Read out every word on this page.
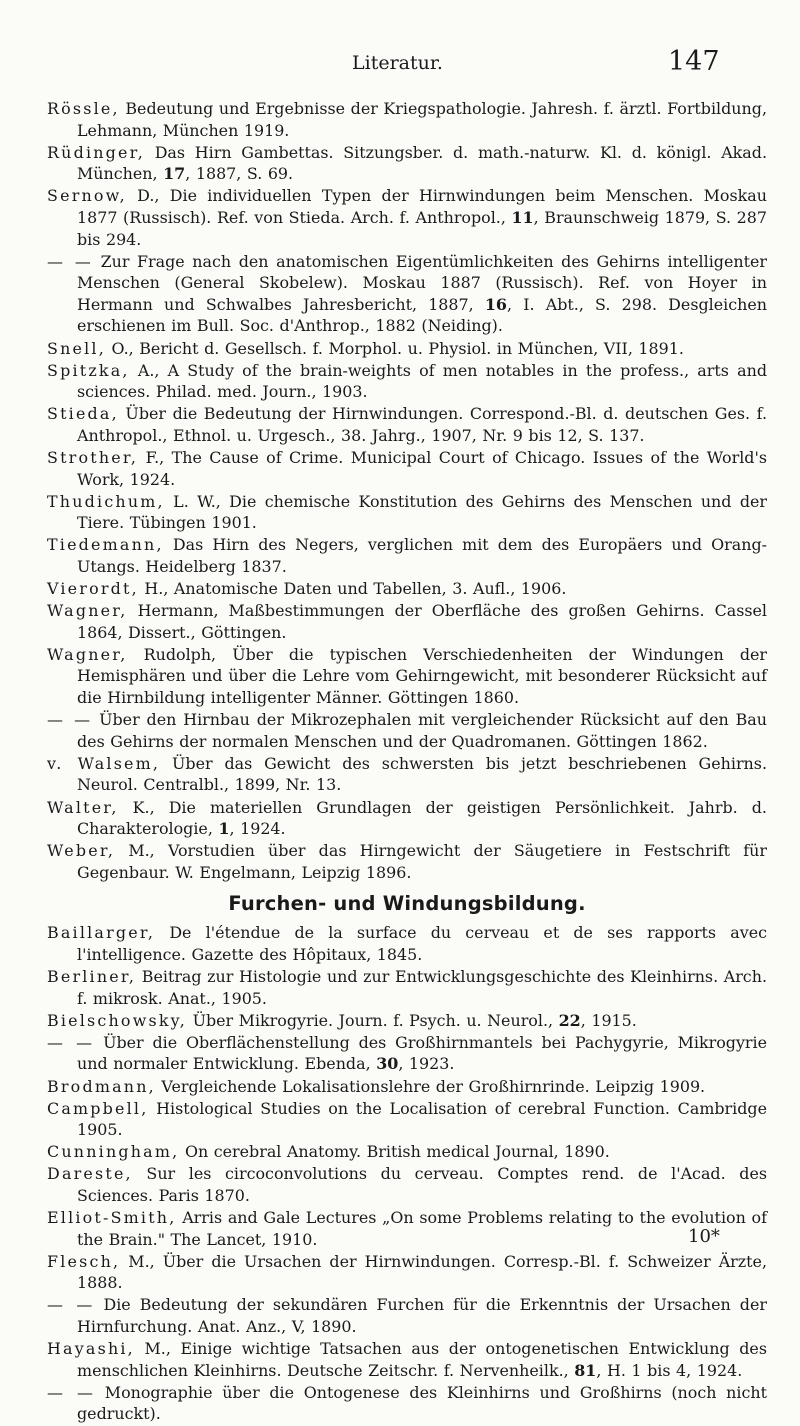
Literatur.	147

Rössle, Bedeutung und Ergebnisse der Kriegspathologie. Jahresh. f. ärztl. Fortbildung, Lehmann, München 1919.

Rüdinger, Das Hirn Gambettas. Sitzungsber. d. math.-naturw. Kl. d. königl. Akad. München, 17, 1887, S. 69.

Sernow, D., Die individuellen Typen der Hirnwindungen beim Menschen. Moskau 1877 (Russisch). Ref. von Stieda. Arch. f. Anthropol., 11, Braunschweig 1879, S. 287 bis 294.

— — Zur Frage nach den anatomischen Eigentümlichkeiten des Gehirns intelligenter Menschen (General Skobelew). Moskau 1887 (Russisch). Ref. von Hoyer in Hermann und Schwalbes Jahresbericht, 1887, 16, I. Abt., S. 298. Desgleichen erschienen im Bull. Soc. d'Anthrop., 1882 (Neiding).

Snell, O., Bericht d. Gesellsch. f. Morphol. u. Physiol. in München, VII, 1891.

Spitzka, A., A Study of the brain-weights of men notables in the profess., arts and sciences. Philad. med. Journ., 1903.

Stieda, Über die Bedeutung der Hirnwindungen. Correspond.-Bl. d. deutschen Ges. f. Anthropol., Ethnol. u. Urgesch., 38. Jahrg., 1907, Nr. 9 bis 12, S. 137.

Strother, F., The Cause of Crime. Municipal Court of Chicago. Issues of the World's Work, 1924.

Thudichum, L. W., Die chemische Konstitution des Gehirns des Menschen und der Tiere. Tübingen 1901.

Tiedemann, Das Hirn des Negers, verglichen mit dem des Europäers und Orang-Utangs. Heidelberg 1837.

Vierordt, H., Anatomische Daten und Tabellen, 3. Aufl., 1906.

Wagner, Hermann, Maßbestimmungen der Oberfläche des großen Gehirns. Cassel 1864, Dissert., Göttingen.

Wagner, Rudolph, Über die typischen Verschiedenheiten der Windungen der Hemisphären und über die Lehre vom Gehirngewicht, mit besonderer Rücksicht auf die Hirnbildung intelligenter Männer. Göttingen 1860.

— — Über den Hirnbau der Mikrozephalen mit vergleichender Rücksicht auf den Bau des Gehirns der normalen Menschen und der Quadromanen. Göttingen 1862.

v. Walsem, Über das Gewicht des schwersten bis jetzt beschriebenen Gehirns. Neurol. Centralbl., 1899, Nr. 13.

Walter, K., Die materiellen Grundlagen der geistigen Persönlichkeit. Jahrb. d. Charakterologie, 1, 1924.

Weber, M., Vorstudien über das Hirngewicht der Säugetiere in Festschrift für Gegenbaur. W. Engelmann, Leipzig 1896.

Furchen- und Windungsbildung.

Baillarger, De l'étendue de la surface du cerveau et de ses rapports avec l'intelligence. Gazette des Hôpitaux, 1845.

Berliner, Beitrag zur Histologie und zur Entwicklungsgeschichte des Kleinhirns. Arch. f. mikrosk. Anat., 1905.

Bielschowsky, Über Mikrogyrie. Journ. f. Psych. u. Neurol., 22, 1915.

— — Über die Oberflächenstellung des Großhirnmantels bei Pachygyrie, Mikrogyrie und normaler Entwicklung. Ebenda, 30, 1923.

Brodmann, Vergleichende Lokalisationslehre der Großhirnrinde. Leipzig 1909.

Campbell, Histological Studies on the Localisation of cerebral Function. Cambridge 1905.

Cunningham, On cerebral Anatomy. British medical Journal, 1890.

Dareste, Sur les circoconvolutions du cerveau. Comptes rend. de l'Acad. des Sciences. Paris 1870.

Elliot-Smith, Arris and Gale Lectures „On some Problems relating to the evolution of the Brain." The Lancet, 1910.

Flesch, M., Über die Ursachen der Hirnwindungen. Corresp.-Bl. f. Schweizer Ärzte, 1888.

— — Die Bedeutung der sekundären Furchen für die Erkenntnis der Ursachen der Hirnfurchung. Anat. Anz., V, 1890.

Hayashi, M., Einige wichtige Tatsachen aus der ontogenetischen Entwicklung des menschlichen Kleinhirns. Deutsche Zeitschr. f. Nervenheilk., 81, H. 1 bis 4, 1924.

— — Monographie über die Ontogenese des Kleinhirns und Großhirns (noch nicht gedruckt).

10*
